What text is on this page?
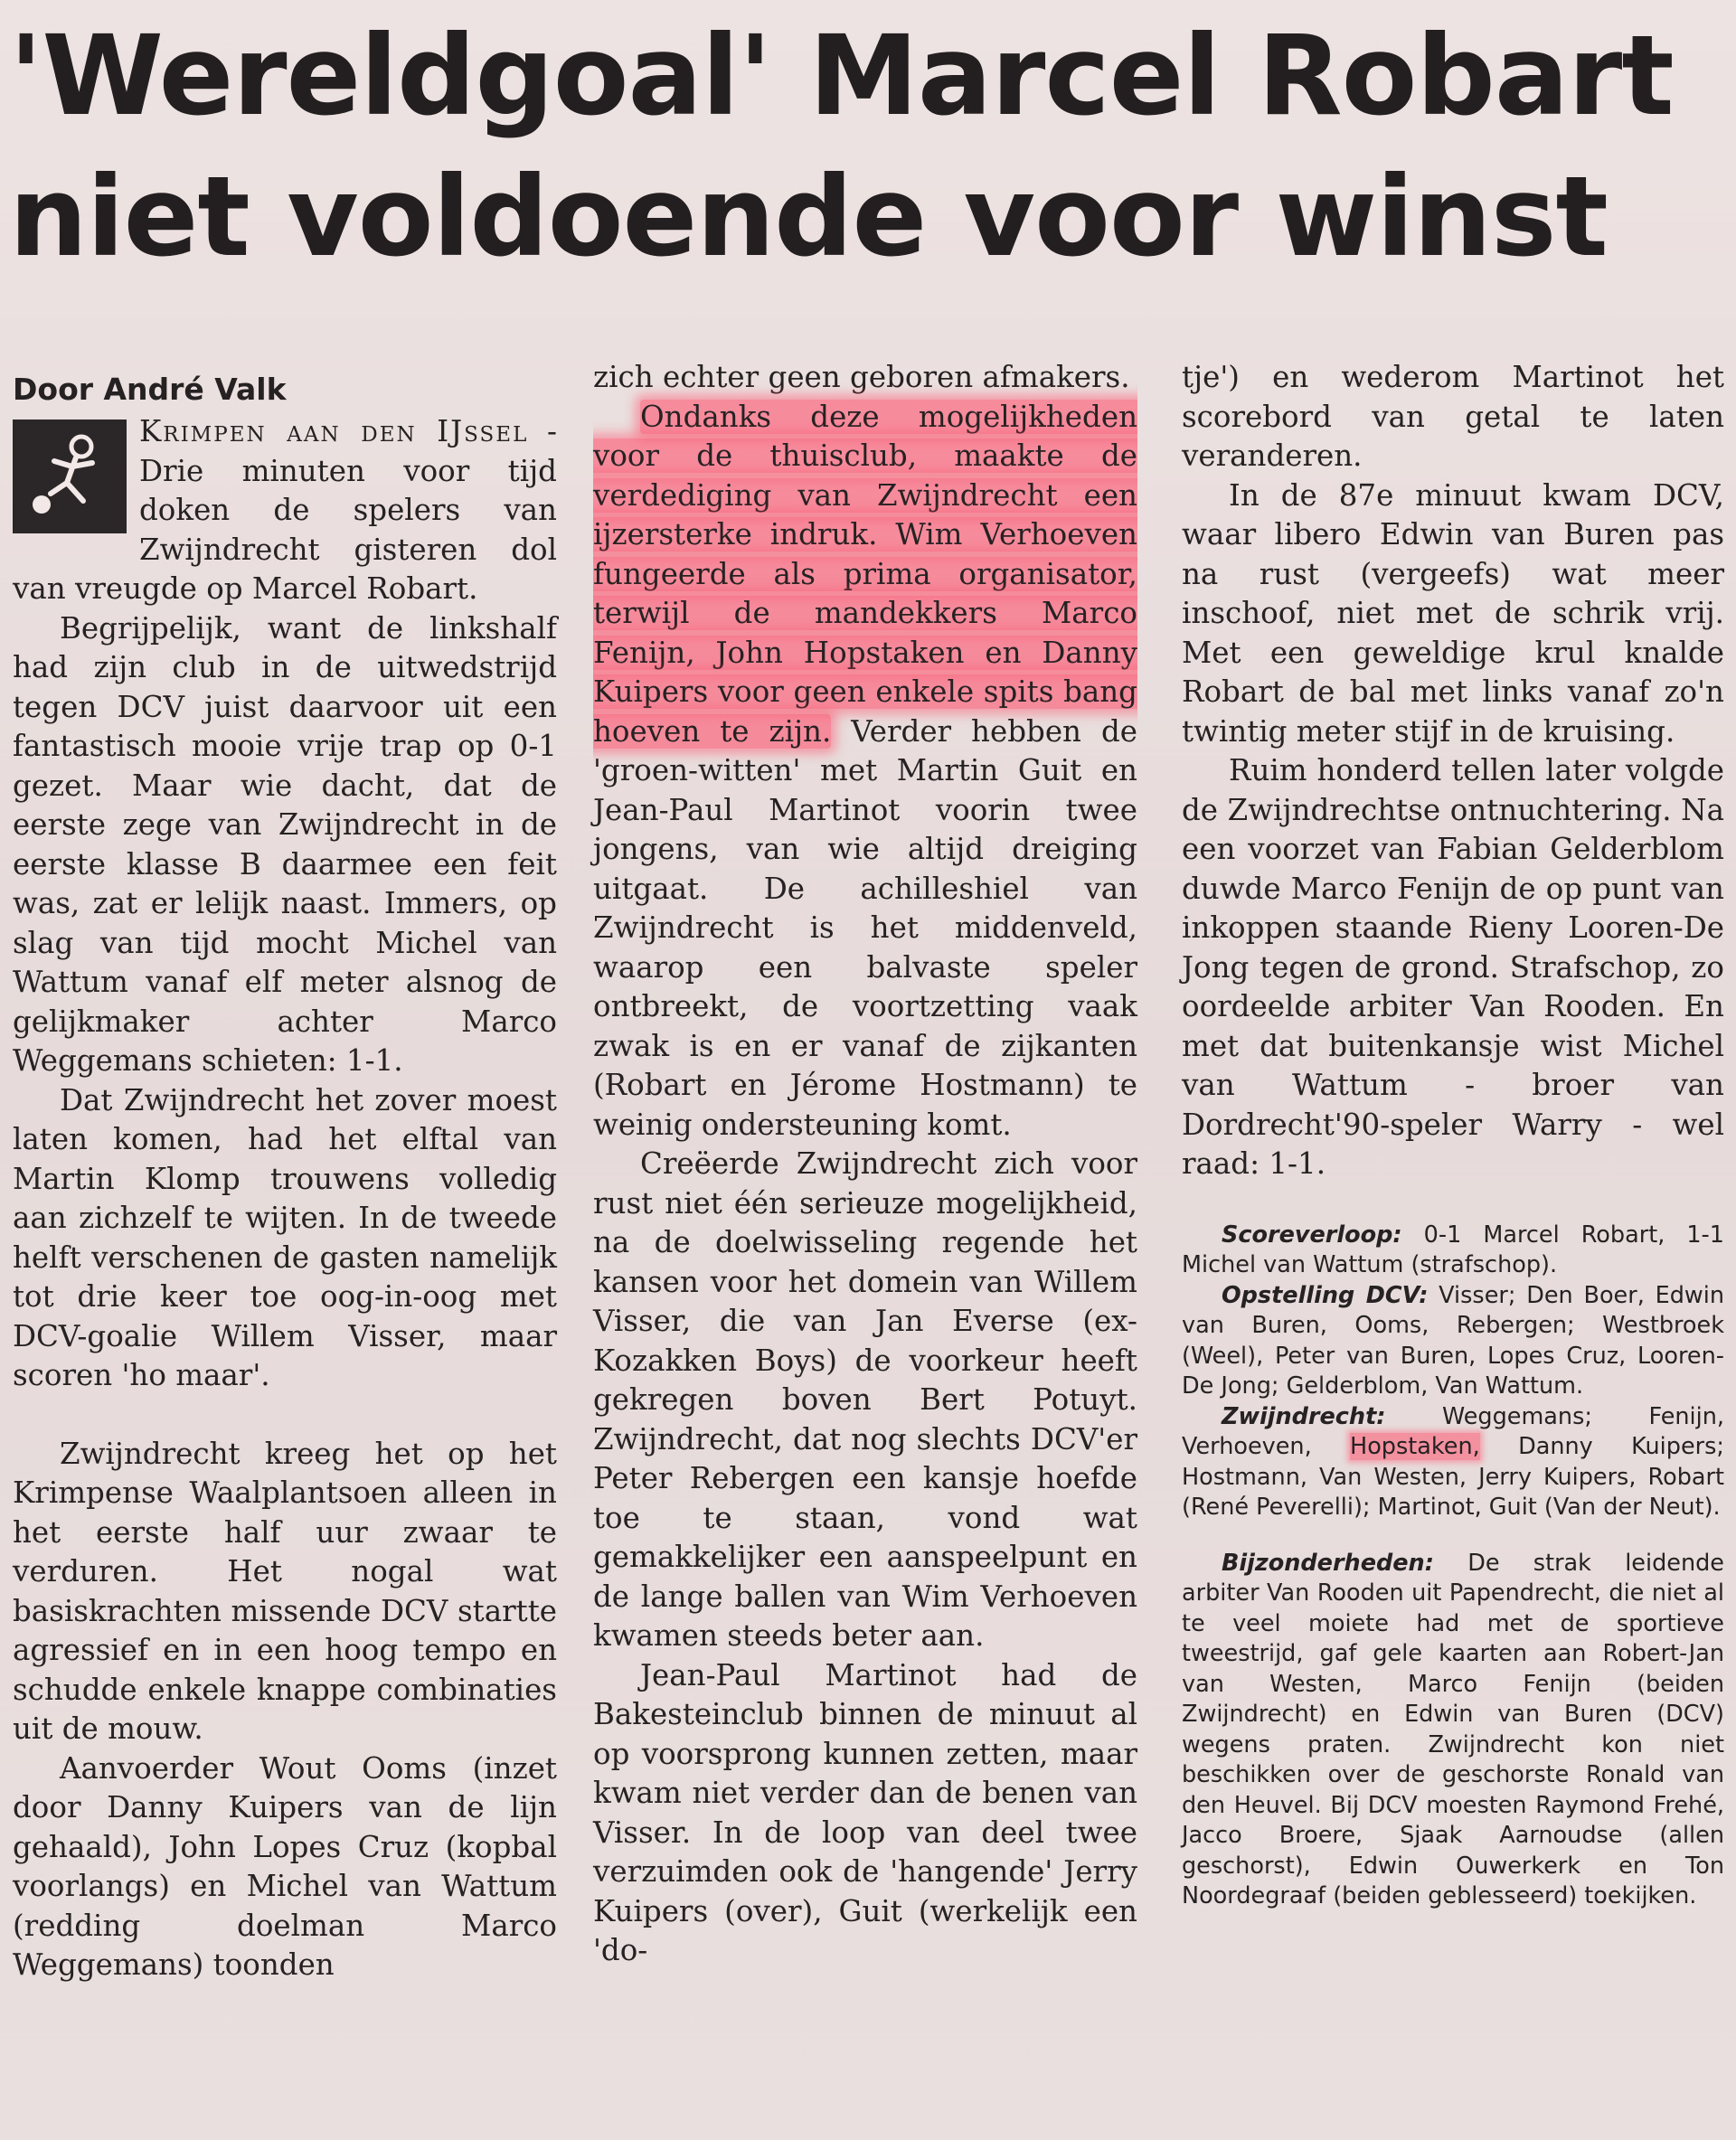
'Wereldgoal' Marcel Robart
niet voldoende voor winst
Door André Valk

Krimpen aan den IJssel - Drie minuten voor tijd doken de spelers van Zwijndrecht gisteren dol van vreugde op Marcel Robart.

Begrijpelijk, want de linkshalf had zijn club in de uitwedstrijd tegen DCV juist daarvoor uit een fantastisch mooie vrije trap op 0-1 gezet. Maar wie dacht, dat de eerste zege van Zwijndrecht in de eerste klasse B daarmee een feit was, zat er lelijk naast. Immers, op slag van tijd mocht Michel van Wattum vanaf elf meter alsnog de gelijkmaker achter Marco Weggemans schieten: 1-1.

Dat Zwijndrecht het zover moest laten komen, had het elftal van Martin Klomp trouwens volledig aan zichzelf te wijten. In de tweede helft verschenen de gasten namelijk tot drie keer toe oog-in-oog met DCV-goalie Willem Visser, maar scoren 'ho maar'.

Zwijndrecht kreeg het op het Krimpense Waalplantsoen alleen in het eerste half uur zwaar te verduren. Het nogal wat basiskrachten missende DCV startte agressief en in een hoog tempo en schudde enkele knappe combinaties uit de mouw.

Aanvoerder Wout Ooms (inzet door Danny Kuipers van de lijn gehaald), John Lopes Cruz (kopbal voorlangs) en Michel van Wattum (redding doelman Marco Weggemans) toonden

zich echter geen geboren afmakers.

Ondanks deze mogelijkheden voor de thuisclub, maakte de verdediging van Zwijndrecht een ijzersterke indruk. Wim Verhoeven fungeerde als prima organisator, terwijl de mandekkers Marco Fenijn, John Hopstaken en Danny Kuipers voor geen enkele spits bang hoeven te zijn. Verder hebben de 'groen-witten' met Martin Guit en Jean-Paul Martinot voorin twee jongens, van wie altijd dreiging uitgaat. De achilleshiel van Zwijndrecht is het middenveld, waarop een balvaste speler ontbreekt, de voortzetting vaak zwak is en er vanaf de zijkanten (Robart en Jérome Hostmann) te weinig ondersteuning komt.

Creëerde Zwijndrecht zich voor rust niet één serieuze mogelijkheid, na de doelwisseling regende het kansen voor het domein van Willem Visser, die van Jan Everse (ex-Kozakken Boys) de voorkeur heeft gekregen boven Bert Potuyt. Zwijndrecht, dat nog slechts DCV'er Peter Rebergen een kansje hoefde toe te staan, vond wat gemakkelijker een aanspeelpunt en de lange ballen van Wim Verhoeven kwamen steeds beter aan.

Jean-Paul Martinot had de Bakesteinclub binnen de minuut al op voorsprong kunnen zetten, maar kwam niet verder dan de benen van Visser. In de loop van deel twee verzuimden ook de 'hangende' Jerry Kuipers (over), Guit (werkelijk een 'do-

tje') en wederom Martinot het scorebord van getal te laten veranderen.

In de 87e minuut kwam DCV, waar libero Edwin van Buren pas na rust (vergeefs) wat meer inschoof, niet met de schrik vrij. Met een geweldige krul knalde Robart de bal met links vanaf zo'n twintig meter stijf in de kruising.

Ruim honderd tellen later volgde de Zwijndrechtse ontnuchtering. Na een voorzet van Fabian Gelderblom duwde Marco Fenijn de op punt van inkoppen staande Rieny Looren-De Jong tegen de grond. Strafschop, zo oordeelde arbiter Van Rooden. En met dat buitenkansje wist Michel van Wattum - broer van Dordrecht'90-speler Warry - wel raad: 1-1.

Scoreverloop: 0-1 Marcel Robart, 1-1 Michel van Wattum (strafschop).

Opstelling DCV: Visser; Den Boer, Edwin van Buren, Ooms, Rebergen; Westbroek (Weel), Peter van Buren, Lopes Cruz, Looren-De Jong; Gelderblom, Van Wattum.

Zwijndrecht: Weggemans; Fenijn, Verhoeven, Hopstaken, Danny Kuipers; Hostmann, Van Westen, Jerry Kuipers, Robart (René Peverelli); Martinot, Guit (Van der Neut).

Bijzonderheden: De strak leidende arbiter Van Rooden uit Papendrecht, die niet al te veel moiete had met de sportieve tweestrijd, gaf gele kaarten aan Robert-Jan van Westen, Marco Fenijn (beiden Zwijndrecht) en Edwin van Buren (DCV) wegens praten. Zwijndrecht kon niet beschikken over de geschorste Ronald van den Heuvel. Bij DCV moesten Raymond Frehé, Jacco Broere, Sjaak Aarnoudse (allen geschorst), Edwin Ouwerkerk en Ton Noordegraaf (beiden geblesseerd) toekijken.
